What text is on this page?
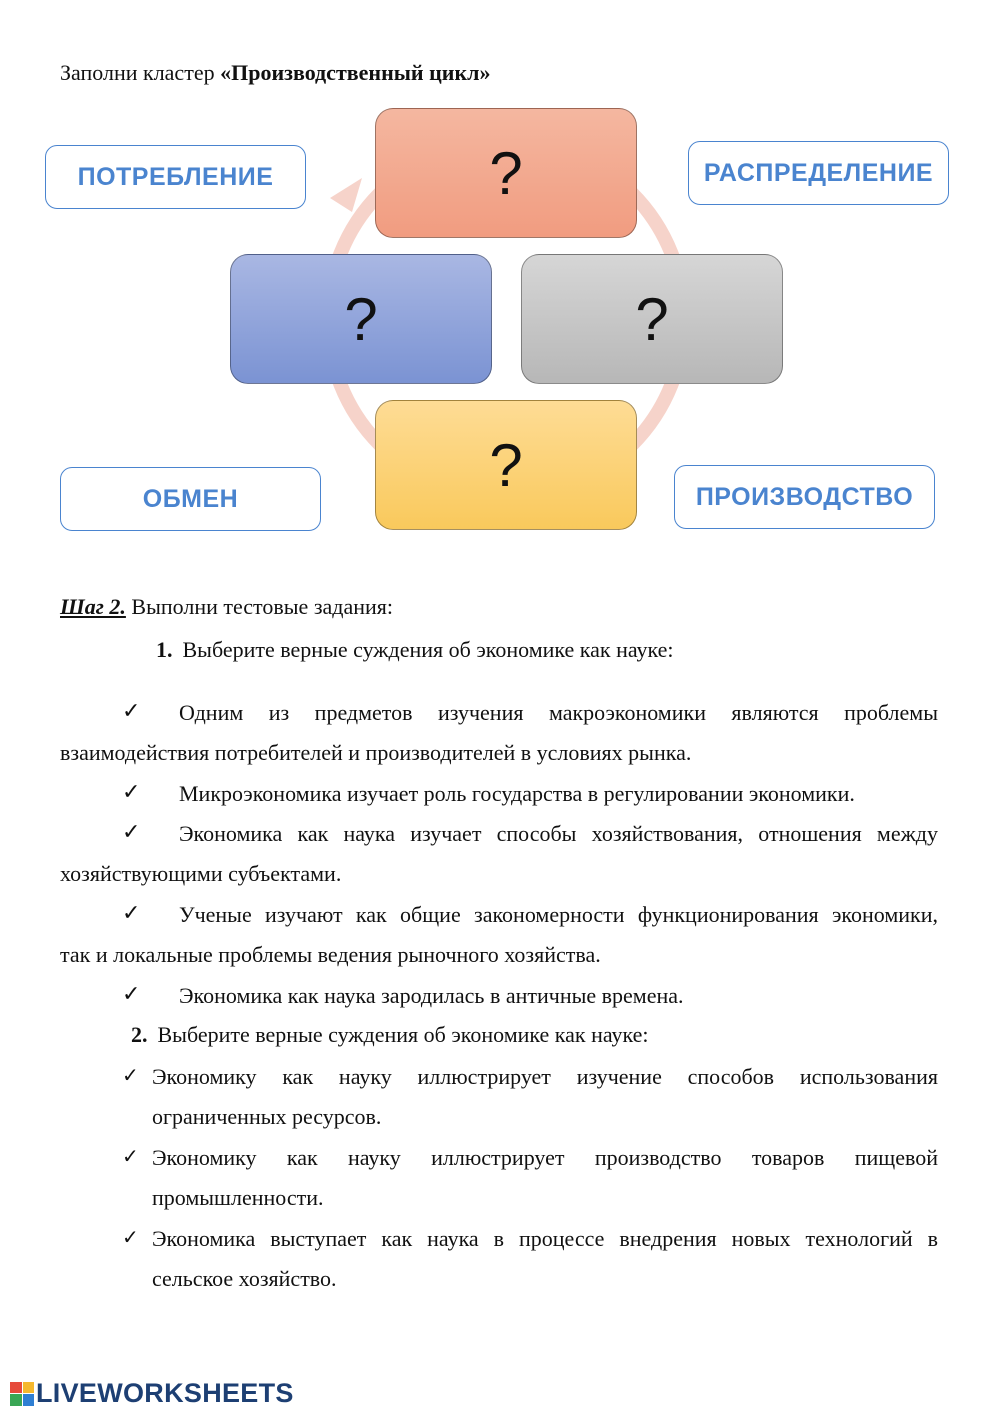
Заполни кластер «Производственный цикл»
?
?	?
?
ПОТРЕБЛЕНИЕ	РАСПРЕДЕЛЕНИЕ
ОБМЕН	ПРОИЗВОДСТВО
Шаг 2. Выполни тестовые задания:
1. Выберите верные суждения об экономике как науке:
✓ Одним из предметов изучения макроэкономики являются проблемы
взаимодействия потребителей и производителей в условиях рынка.
✓ Микроэкономика изучает роль государства в регулировании экономики.
✓ Экономика как наука изучает способы хозяйствования, отношения между
хозяйствующими субъектами.
✓ Ученые изучают как общие закономерности функционирования экономики,
так и локальные проблемы ведения рыночного хозяйства.
✓ Экономика как наука зародилась в античные времена.
2. Выберите верные суждения об экономике как науке:
✓ Экономику как науку иллюстрирует изучение способов использования
ограниченных ресурсов.
✓ Экономику как науку иллюстрирует производство товаров пищевой
промышленности.
✓ Экономика выступает как наука в процессе внедрения новых технологий в
сельское хозяйство.
LIVEWORKSHEETS
